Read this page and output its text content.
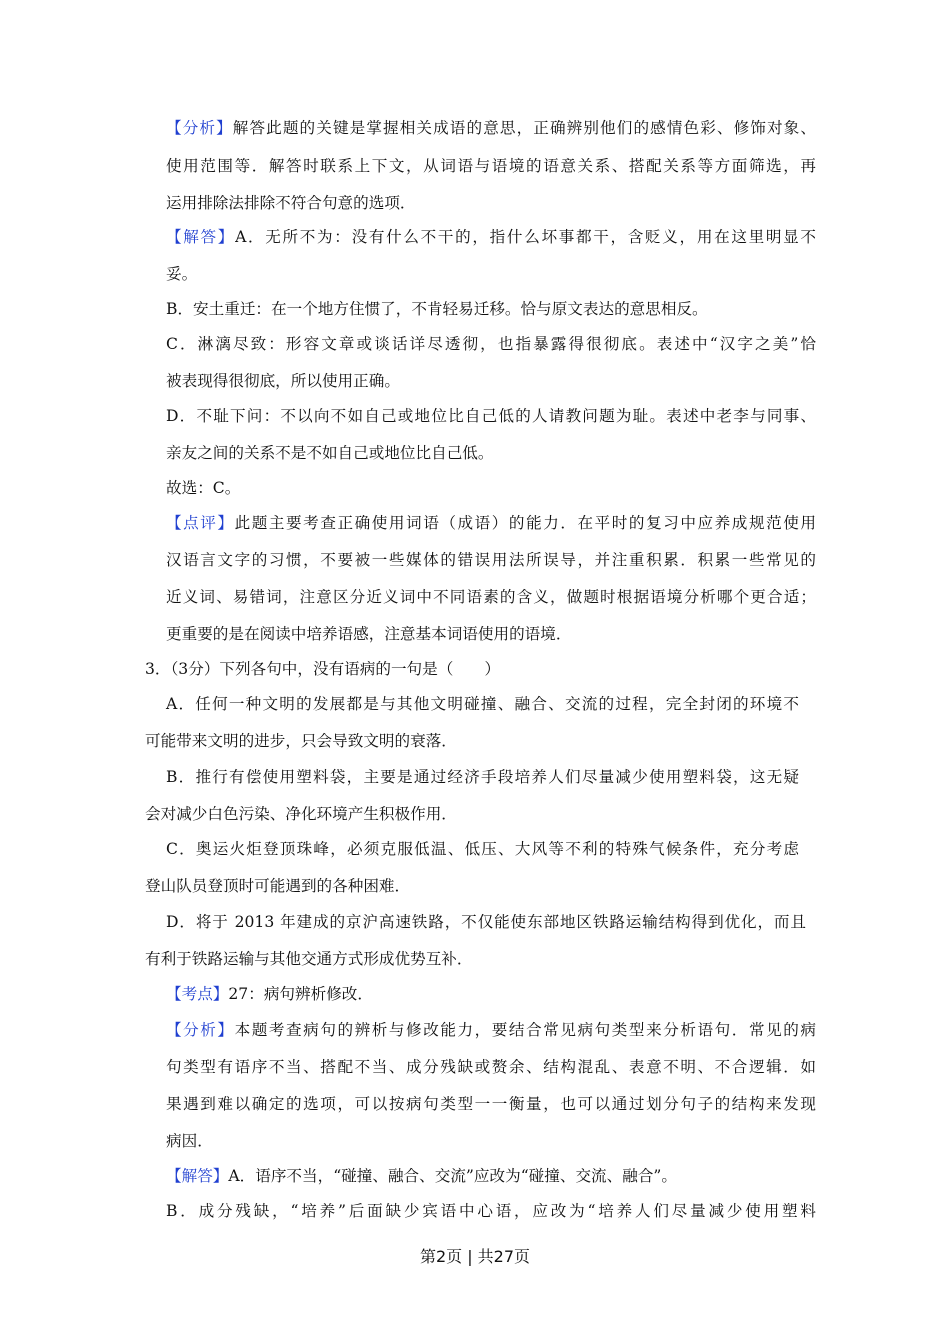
【分析】解答此题的关键是掌握相关成语的意思，正确辨别他们的感情色彩、修饰对象、
使用范围等．解答时联系上下文，从词语与语境的语意关系、搭配关系等方面筛选，再
运用排除法排除不符合句意的选项．
【解答】A．无所不为：没有什么不干的，指什么坏事都干，含贬义，用在这里明显不
妥。
B．安土重迁：在一个地方住惯了，不肯轻易迁移。恰与原文表达的意思相反。
C．淋漓尽致：形容文章或谈话详尽透彻，也指暴露得很彻底。表述中“汉字之美”恰
被表现得很彻底，所以使用正确。
D．不耻下问：不以向不如自己或地位比自己低的人请教问题为耻。表述中老李与同事、
亲友之间的关系不是不如自己或地位比自己低。
故选：C。
【点评】此题主要考查正确使用词语（成语）的能力．在平时的复习中应养成规范使用
汉语言文字的习惯，不要被一些媒体的错误用法所误导，并注重积累．积累一些常见的
近义词、易错词，注意区分近义词中不同语素的含义，做题时根据语境分析哪个更合适；
更重要的是在阅读中培养语感，注意基本词语使用的语境．
3．（3分）下列各句中，没有语病的一句是（　　）
A．任何一种文明的发展都是与其他文明碰撞、融合、交流的过程，完全封闭的环境不
可能带来文明的进步，只会导致文明的衰落．
B．推行有偿使用塑料袋，主要是通过经济手段培养人们尽量减少使用塑料袋，这无疑
会对减少白色污染、净化环境产生积极作用．
C．奥运火炬登顶珠峰，必须克服低温、低压、大风等不利的特殊气候条件，充分考虑
登山队员登顶时可能遇到的各种困难．
D．将于 2013 年建成的京沪高速铁路，不仅能使东部地区铁路运输结构得到优化，而且
有利于铁路运输与其他交通方式形成优势互补．
【考点】27：病句辨析修改．
【分析】本题考查病句的辨析与修改能力，要结合常见病句类型来分析语句．常见的病
句类型有语序不当、搭配不当、成分残缺或赘余、结构混乱、表意不明、不合逻辑．如
果遇到难以确定的选项，可以按病句类型一一衡量，也可以通过划分句子的结构来发现
病因．
【解答】A．语序不当，“碰撞、融合、交流”应改为“碰撞、交流、融合”。
B．成分残缺，“培养”后面缺少宾语中心语，应改为“培养人们尽量减少使用塑料
第2页 | 共27页
